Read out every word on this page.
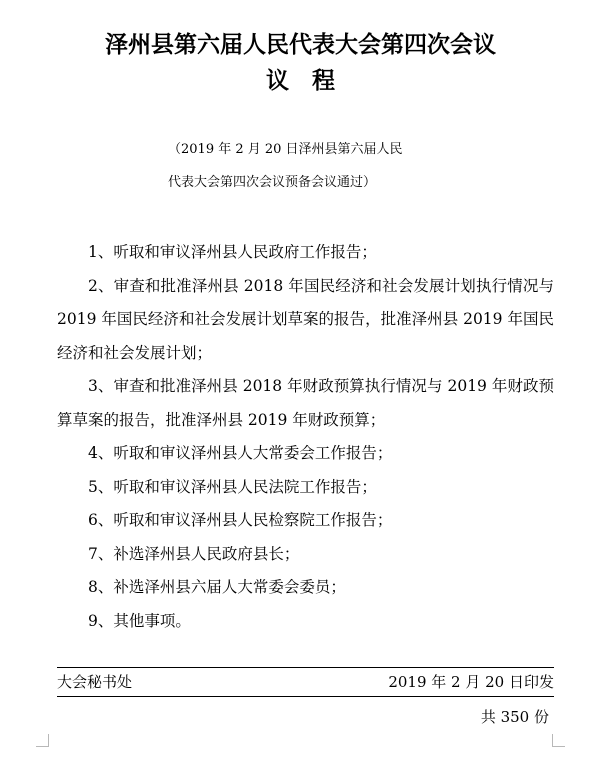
泽州县第六届人民代表大会第四次会议
议　程
（2019 年 2 月 20 日泽州县第六届人民
代表大会第四次会议预备会议通过）

1、听取和审议泽州县人民政府工作报告；

2、审查和批准泽州县 2018 年国民经济和社会发展计划执行情况与 2019 年国民经济和社会发展计划草案的报告，批准泽州县 2019 年国民经济和社会发展计划；

3、审查和批准泽州县 2018 年财政预算执行情况与 2019 年财政预算草案的报告，批准泽州县 2019 年财政预算；

4、听取和审议泽州县人大常委会工作报告；

5、听取和审议泽州县人民法院工作报告；

6、听取和审议泽州县人民检察院工作报告；

7、补选泽州县人民政府县长；

8、补选泽州县六届人大常委会委员；

9、其他事项。

大会秘书处	2019 年 2 月 20 日印发
共 350 份
